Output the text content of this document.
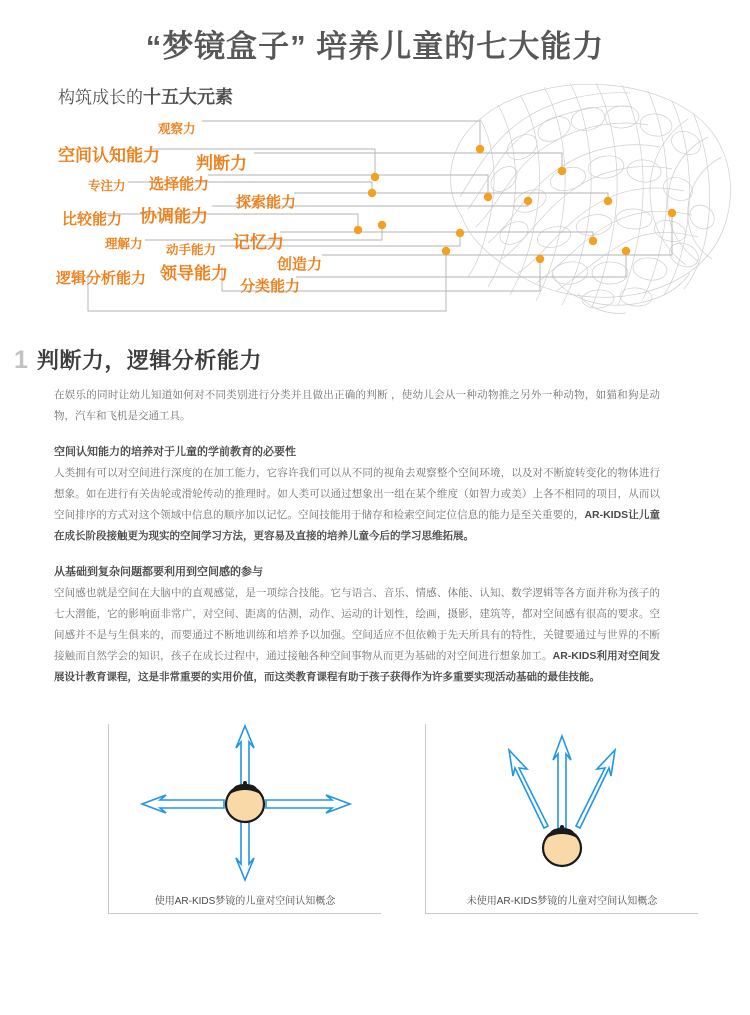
“梦镜盒子” 培养儿童的七大能力
构筑成长的十五大元素
观察力
空间认知能力 判断力
专注力 选择能力
探索能力
比较能力 协调能力
理解力 动手能力 记忆力
创造力
逻辑分析能力 领导能力
分类能力
1 判断力，逻辑分析能力

在娱乐的同时让幼儿知道如何对不同类别进行分类并且做出正确的判断 ，使幼儿会从一种动物推之另外一种动物，如猫和狗是动物，汽车和飞机是交通工具。

空间认知能力的培养对于儿童的学前教育的必要性

人类拥有可以对空间进行深度的在加工能力，它容许我们可以从不同的视角去观察整个空间环境，以及对不断旋转变化的物体进行想象。如在进行有关齿轮或滑轮传动的推理时。如人类可以通过想象出一组在某个维度（如智力或美）上各不相同的项目，从而以空间排序的方式对这个领域中信息的顺序加以记忆。空间技能用于储存和检索空间定位信息的能力是至关重要的，AR-KIDS让儿童在成长阶段接触更为现实的空间学习方法，更容易及直接的培养儿童今后的学习思维拓展。

从基础到复杂问题都要利用到空间感的参与

空间感也就是空间在大脑中的直观感觉，是一项综合技能。它与语言、音乐、情感、体能、认知、数学逻辑等各方面并称为孩子的七大潜能，它的影响面非常广，对空间、距离的估测，动作、运动的计划性，绘画，摄影，建筑等，都对空间感有很高的要求。空间感并不是与生俱来的，而要通过不断地训练和培养予以加强。空间适应不但依赖于先天所具有的特性，关键要通过与世界的不断接触而自然学会的知识，孩子在成长过程中，通过接触各种空间事物从而更为基础的对空间进行想象加工。AR-KIDS利用对空间发展设计教育课程，这是非常重要的实用价值，而这类教育课程有助于孩子获得作为许多重要实现活动基础的最佳技能。

使用AR-KIDS梦镜的儿童对空间认知概念	未使用AR-KIDS梦镜的儿童对空间认知概念
